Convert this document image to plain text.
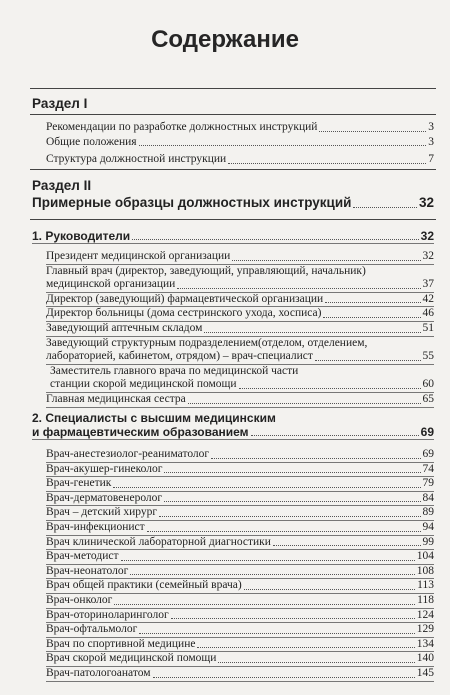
Содержание
Раздел I
Рекомендации по разработке должностных инструкций	3
Общие положения	3
Структура должностной инструкции	7
Раздел II
Примерные образцы должностных инструкций	32
1. Руководители	32
Президент медицинской организации	32
Главный врач (директор, заведующий, управляющий, начальник)
медицинской организации	37
Директор (заведующий) фармацевтической организации	42
Директор больницы (дома сестринского ухода, хосписа)	46
Заведующий аптечным складом	51
Заведующий структурным подразделением(отделом, отделением,
лабораторией, кабинетом, отрядом) – врач-специалист	55
Заместитель главного врача по медицинской части
станции скорой медицинской помощи	60
Главная медицинская сестра	65
2. Специалисты с высшим медицинским
и фармацевтическим образованием	69
Врач-анестезиолог-реаниматолог	69
Врач-акушер-гинеколог	74
Врач-генетик	79
Врач-дерматовенеролог	84
Врач – детский хирург	89
Врач-инфекционист	94
Врач клинической лабораторной диагностики	99
Врач-методист	104
Врач-неонатолог	108
Врач общей практики (семейный врача)	113
Врач-онколог	118
Врач-оториноларинголог	124
Врач-офтальмолог	129
Врач по спортивной медицине	134
Врач скорой медицинской помощи	140
Врач-патологоанатом	145
